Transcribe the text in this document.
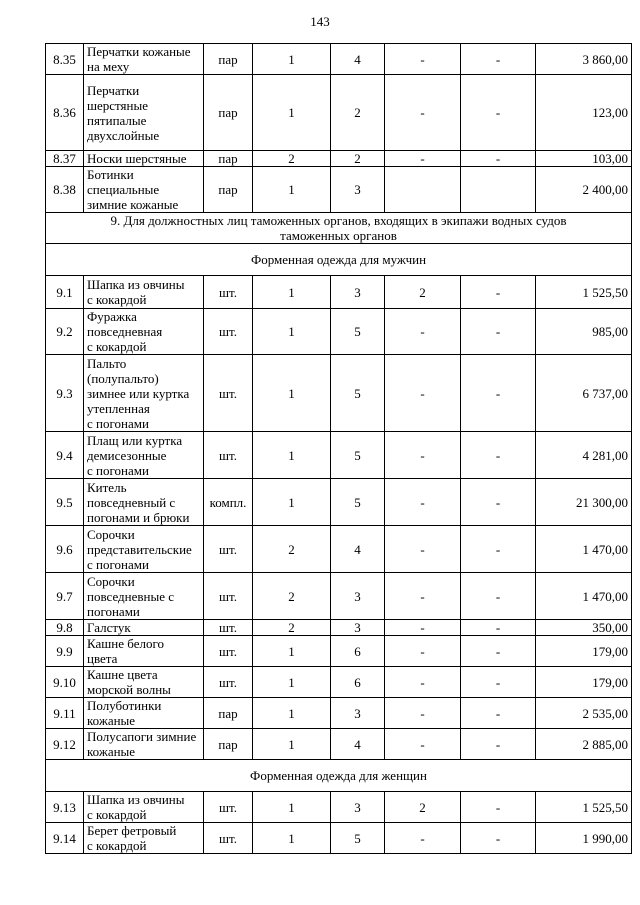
143
8.35	Перчатки кожаные
на меху	пар	1	4	-	-	3 860,00
8.36	Перчатки
шерстяные
пятипалые
двухслойные	пар	1	2	-	-	123,00
8.37	Носки шерстяные	пар	2	2	-	-	103,00
8.38	Ботинки
специальные
зимние кожаные	пар	1	3			2 400,00
9. Для должностных лиц таможенных органов, входящих в экипажи водных судов
таможенных органов							
Форменная одежда для мужчин							
9.1	Шапка из овчины
с кокардой	шт.	1	3	2	-	1 525,50
9.2	Фуражка
повседневная
с кокардой	шт.	1	5	-	-	985,00
9.3	Пальто
(полупальто)
зимнее или куртка
утепленная
с погонами	шт.	1	5	-	-	6 737,00
9.4	Плащ или куртка
демисезонные
с погонами	шт.	1	5	-	-	4 281,00
9.5	Китель
повседневный с
погонами и брюки	компл.	1	5	-	-	21 300,00
9.6	Сорочки
представительские
с погонами	шт.	2	4	-	-	1 470,00
9.7	Сорочки
повседневные с
погонами	шт.	2	3	-	-	1 470,00
9.8	Галстук	шт.	2	3	-	-	350,00
9.9	Кашне белого
цвета	шт.	1	6	-	-	179,00
9.10	Кашне цвета
морской волны	шт.	1	6	-	-	179,00
9.11	Полуботинки
кожаные	пар	1	3	-	-	2 535,00
9.12	Полусапоги зимние
кожаные	пар	1	4	-	-	2 885,00
Форменная одежда для женщин							
9.13	Шапка из овчины
с кокардой	шт.	1	3	2	-	1 525,50
9.14	Берет фетровый
с кокардой	шт.	1	5	-	-	1 990,00
